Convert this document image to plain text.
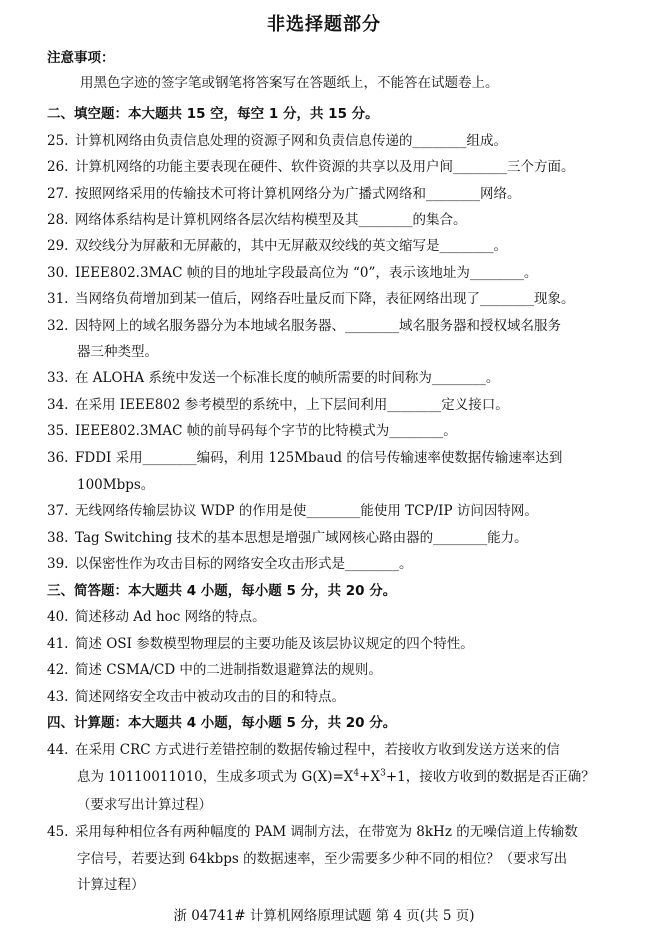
非选择题部分
注意事项：
用黑色字迹的签字笔或钢笔将答案写在答题纸上，不能答在试题卷上。
二、填空题：本大题共 15 空，每空 1 分，共 15 分。
25. 计算机网络由负责信息处理的资源子网和负责信息传递的________组成。
26. 计算机网络的功能主要表现在硬件、软件资源的共享以及用户间________三个方面。
27. 按照网络采用的传输技术可将计算机网络分为广播式网络和________网络。
28. 网络体系结构是计算机网络各层次结构模型及其________的集合。
29. 双绞线分为屏蔽和无屏蔽的，其中无屏蔽双绞线的英文缩写是________。
30. IEEE802.3MAC 帧的目的地址字段最高位为 “0”，表示该地址为________。
31. 当网络负荷增加到某一值后，网络吞吐量反而下降，表征网络出现了________现象。
32. 因特网上的域名服务器分为本地域名服务器、________域名服务器和授权域名服务
器三种类型。
33. 在 ALOHA 系统中发送一个标准长度的帧所需要的时间称为________。
34. 在采用 IEEE802 参考模型的系统中，上下层间利用________定义接口。
35. IEEE802.3MAC 帧的前导码每个字节的比特模式为________。
36. FDDI 采用________编码，利用 125Mbaud 的信号传输速率使数据传输速率达到
100Mbps。
37. 无线网络传输层协议 WDP 的作用是使________能使用 TCP/IP 访问因特网。
38. Tag Switching 技术的基本思想是增强广域网核心路由器的________能力。
39. 以保密性作为攻击目标的网络安全攻击形式是________。
三、简答题：本大题共 4 小题，每小题 5 分，共 20 分。
40. 简述移动 Ad hoc 网络的特点。
41. 简述 OSI 参数模型物理层的主要功能及该层协议规定的四个特性。
42. 简述 CSMA/CD 中的二进制指数退避算法的规则。
43. 简述网络安全攻击中被动攻击的目的和特点。
四、计算题：本大题共 4 小题，每小题 5 分，共 20 分。
44. 在采用 CRC 方式进行差错控制的数据传输过程中，若接收方收到发送方送来的信
息为 10110011010，生成多项式为 $G(X)=X^4+X^3+1$，接收方收到的数据是否正确？
（要求写出计算过程）
45. 采用每种相位各有两种幅度的 PAM 调制方法，在带宽为 8kHz 的无噪信道上传输数
字信号，若要达到 64kbps 的数据速率，至少需要多少种不同的相位？（要求写出
计算过程）
浙 04741# 计算机网络原理试题 第 4 页(共 5 页)
